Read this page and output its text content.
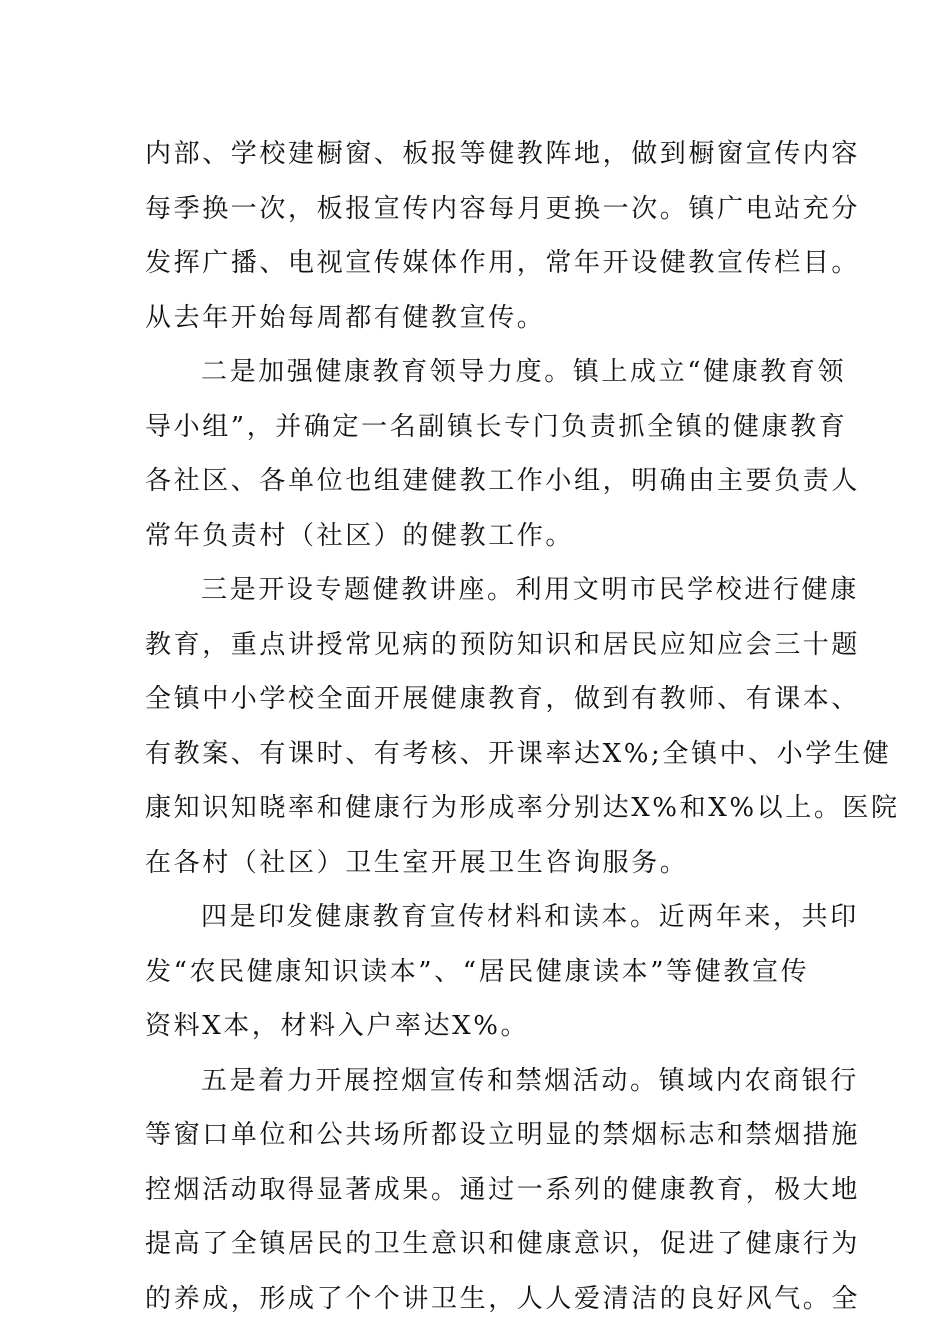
内部、学校建橱窗、板报等健教阵地，做到橱窗宣传内容
每季换一次，板报宣传内容每月更换一次。镇广电站充分
发挥广播、电视宣传媒体作用，常年开设健教宣传栏目。
从去年开始每周都有健教宣传。
二是加强健康教育领导力度。镇上成立“健康教育领
导小组”，并确定一名副镇长专门负责抓全镇的健康教育
各社区、各单位也组建健教工作小组，明确由主要负责人
常年负责村（社区）的健教工作。
三是开设专题健教讲座。利用文明市民学校进行健康
教育，重点讲授常见病的预防知识和居民应知应会三十题
全镇中小学校全面开展健康教育，做到有教师、有课本、
有教案、有课时、有考核、开课率达X%;全镇中、小学生健
康知识知晓率和健康行为形成率分别达X%和X%以上。医院
在各村（社区）卫生室开展卫生咨询服务。
四是印发健康教育宣传材料和读本。近两年来，共印
发“农民健康知识读本”、“居民健康读本”等健教宣传
资料X本，材料入户率达X%。
五是着力开展控烟宣传和禁烟活动。镇域内农商银行
等窗口单位和公共场所都设立明显的禁烟标志和禁烟措施
控烟活动取得显著成果。通过一系列的健康教育，极大地
提高了全镇居民的卫生意识和健康意识，促进了健康行为
的养成，形成了个个讲卫生，人人爱清洁的良好风气。全
